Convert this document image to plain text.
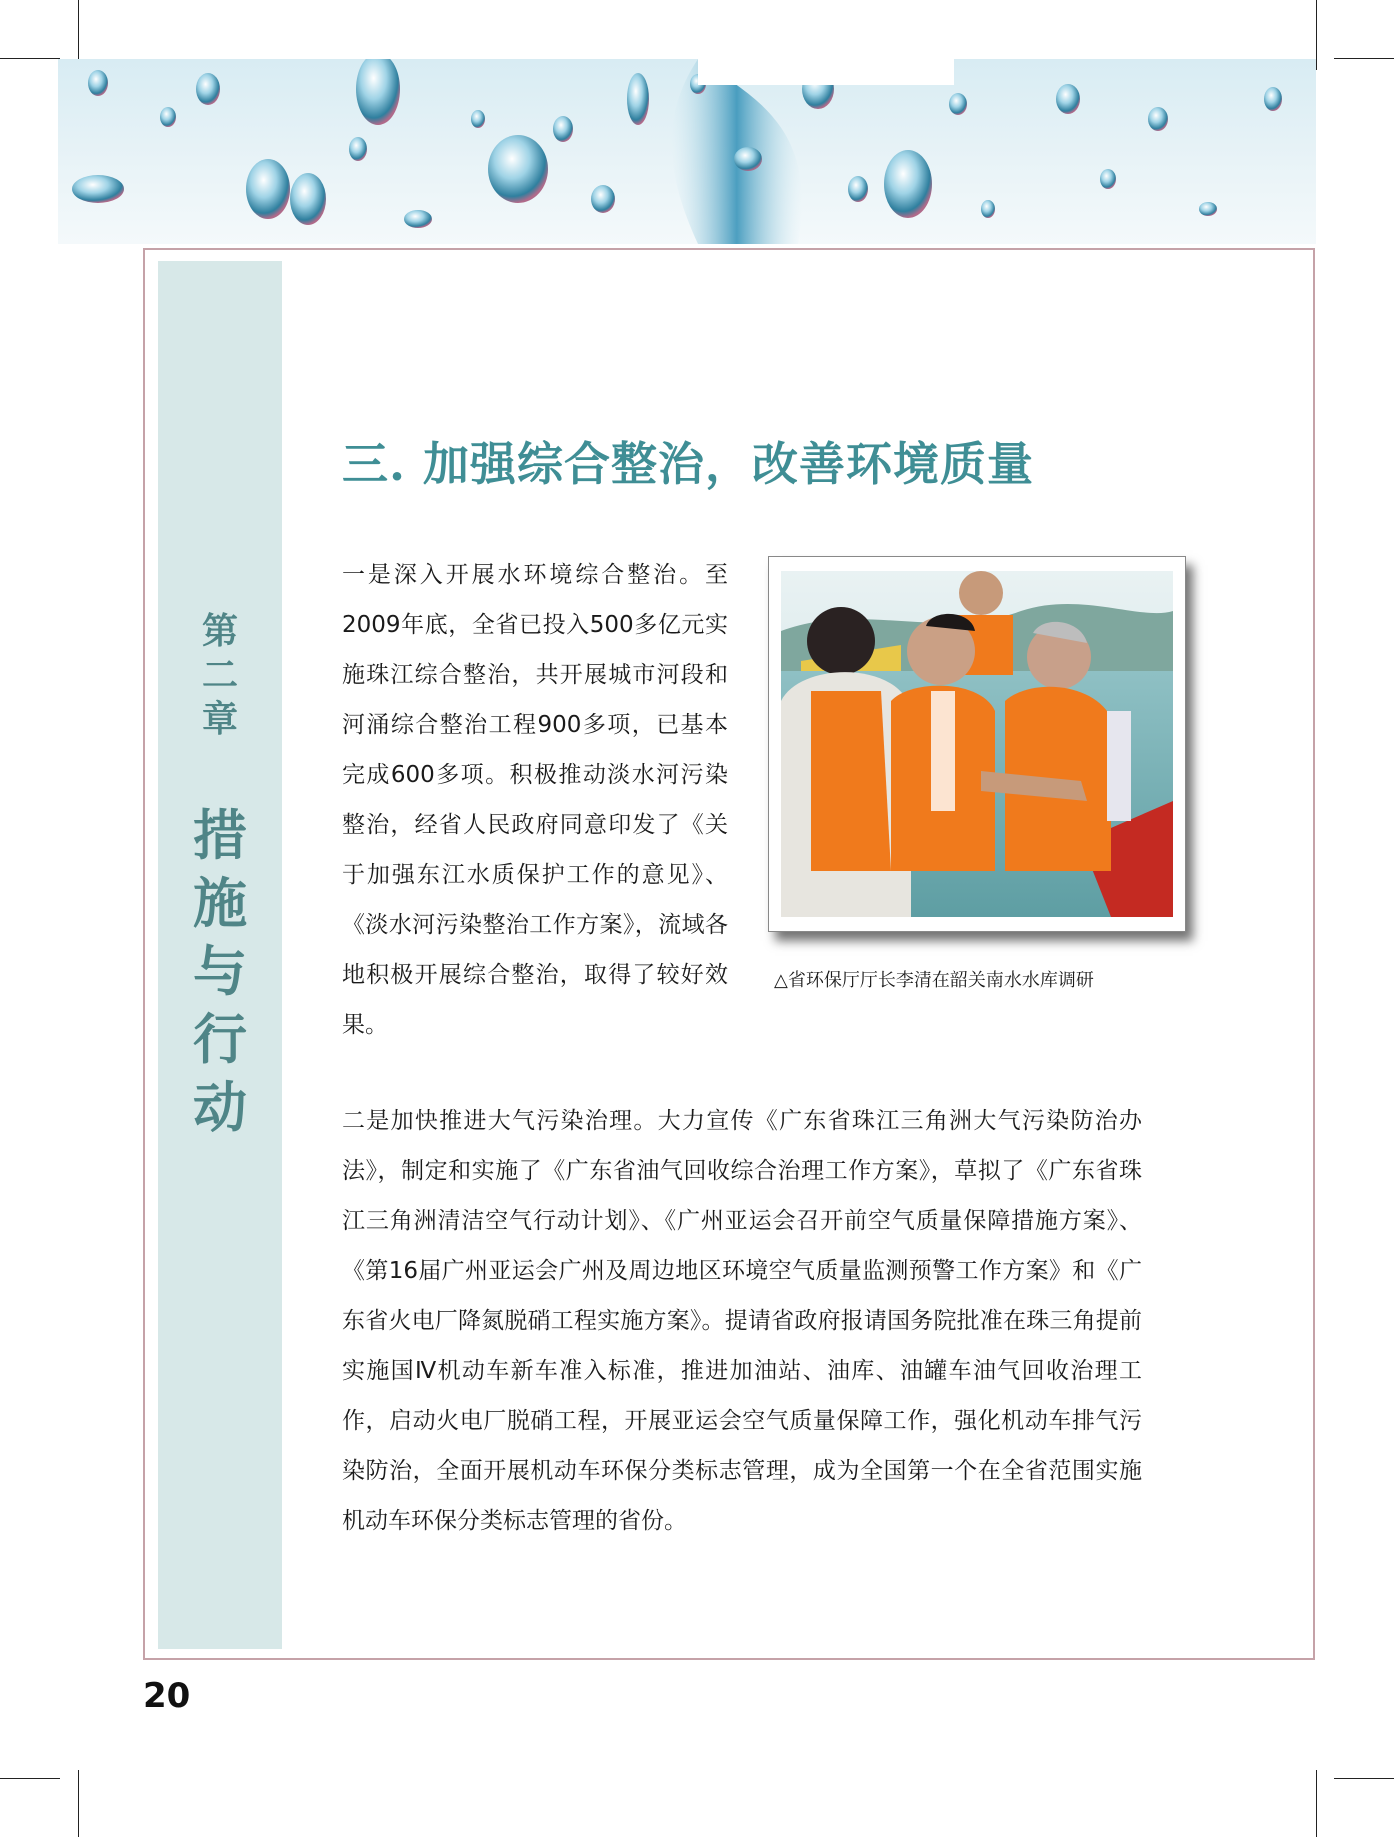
第
二
章
措
施
与
行
动
三. 加强综合整治，改善环境质量

一是深入开展水环境综合整治。至2009年底，全省已投入500多亿元实施珠江综合整治，共开展城市河段和河涌综合整治工程900多项，已基本完成600多项。积极推动淡水河污染整治，经省人民政府同意印发了《关于加强东江水质保护工作的意见》、《淡水河污染整治工作方案》，流域各地积极开展综合整治，取得了较好效果。

△省环保厅厅长李清在韶关南水水库调研

二是加快推进大气污染治理。大力宣传《广东省珠江三角洲大气污染防治办法》，制定和实施了《广东省油气回收综合治理工作方案》，草拟了《广东省珠江三角洲清洁空气行动计划》、《广州亚运会召开前空气质量保障措施方案》、《第16届广州亚运会广州及周边地区环境空气质量监测预警工作方案》和《广东省火电厂降氮脱硝工程实施方案》。提请省政府报请国务院批准在珠三角提前实施国Ⅳ机动车新车准入标准，推进加油站、油库、油罐车油气回收治理工作，启动火电厂脱硝工程，开展亚运会空气质量保障工作，强化机动车排气污染防治，全面开展机动车环保分类标志管理，成为全国第一个在全省范围实施机动车环保分类标志管理的省份。

20
